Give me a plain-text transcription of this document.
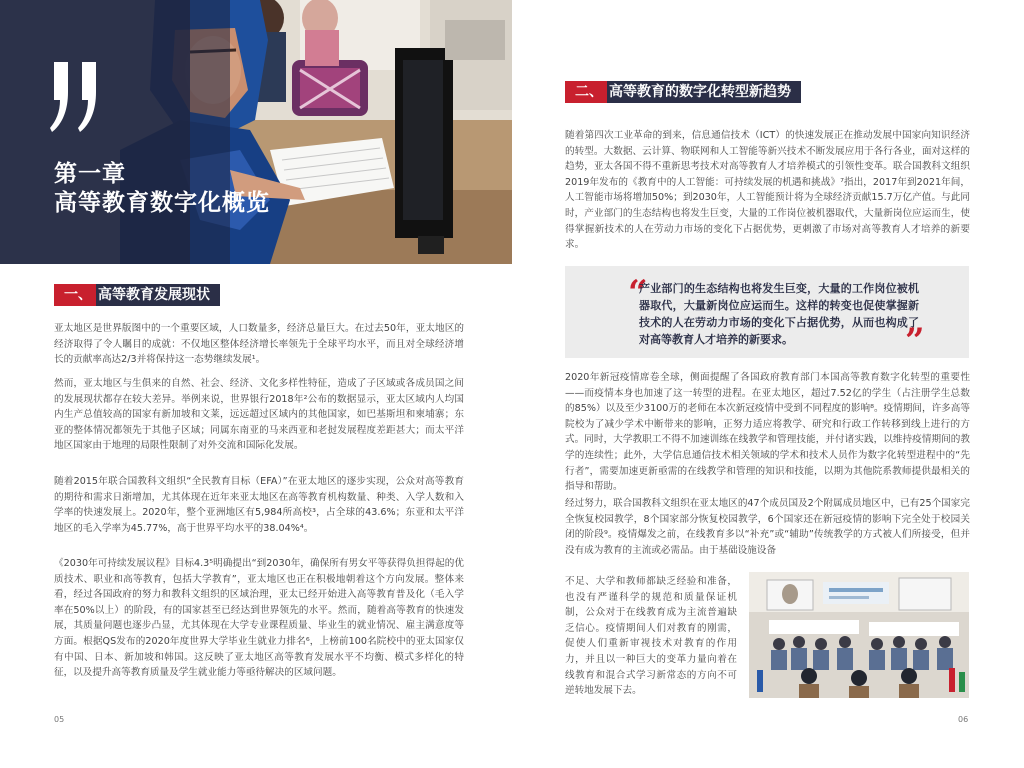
第一章
高等教育数字化概览
一、 高等教育发展现状

亚太地区是世界版图中的一个重要区域，人口数量多，经济总量巨大。在过去50年，亚太地区的经济取得了令人瞩目的成就：不仅地区整体经济增长率领先于全球平均水平，而且对全球经济增长的贡献率高达2/3并将保持这一态势继续发展¹。

然而，亚太地区与生俱来的自然、社会、经济、文化多样性特征，造成了子区域或各成员国之间的发展现状都存在较大差异。举例来说，世界银行2018年²公布的数据显示，亚太区域内人均国内生产总值较高的国家有新加坡和文莱，远远超过区域内的其他国家，如巴基斯坦和柬埔寨；东亚的整体情况都领先于其他子区域；同属东南亚的马来西亚和老挝发展程度差距甚大；而太平洋地区国家由于地理的局限性限制了对外交流和国际化发展。

随着2015年联合国教科文组织“全民教育目标（EFA）”在亚太地区的逐步实现，公众对高等教育的期待和需求日渐增加，尤其体现在近年来亚太地区在高等教育机构数量、种类、入学人数和入学率的快速发展上。2020年，整个亚洲地区有5,984所高校³，占全球的43.6%；东亚和太平洋地区的毛入学率为45.77%，高于世界平均水平的38.04%⁴。

《2030年可持续发展议程》目标4.3⁵明确提出“到2030年，确保所有男女平等获得负担得起的优质技术、职业和高等教育，包括大学教育”，亚太地区也正在积极地朝着这个方向发展。整体来看，经过各国政府的努力和教科文组织的区域治理，亚太已经开始进入高等教育普及化（毛入学率在50%以上）的阶段，有的国家甚至已经达到世界领先的水平。然而，随着高等教育的快速发展，其质量问题也逐步凸显，尤其体现在大学专业课程质量、毕业生的就业情况、雇主满意度等方面。根据QS发布的2020年度世界大学毕业生就业力排名⁶，上榜前100名院校中的亚太国家仅有中国、日本、新加坡和韩国。这反映了亚太地区高等教育发展水平不均衡、模式多样化的特征，以及提升高等教育质量及学生就业能力等亟待解决的区域问题。

05
二、 高等教育的数字化转型新趋势

随着第四次工业革命的到来，信息通信技术（ICT）的快速发展正在推动发展中国家向知识经济的转型。大数据、云计算、物联网和人工智能等新兴技术不断发展应用于各行各业，面对这样的趋势，亚太各国不得不重新思考技术对高等教育人才培养模式的引领性变革。联合国教科文组织2019年发布的《教育中的人工智能：可持续发展的机遇和挑战》⁷指出，2017年到2021年间，人工智能市场将增加50%；到2030年，人工智能预计将为全球经济贡献15.7万亿产值。与此同时，产业部门的生态结构也将发生巨变，大量的工作岗位被机器取代，大量新岗位应运而生，使得掌握新技术的人在劳动力市场的变化下占据优势，更刺激了市场对高等教育人才培养的新要求。

“

产业部门的生态结构也将发生巨变，大量的工作岗位被机器取代，大量新岗位应运而生。这样的转变也促使掌握新技术的人在劳动力市场的变化下占据优势，从而也构成了对高等教育人才培养的新要求。	”

2020年新冠疫情席卷全球，侧面提醒了各国政府教育部门本国高等教育数字化转型的重要性——而疫情本身也加速了这一转型的进程。在亚太地区，超过7.52亿的学生（占注册学生总数的85%）以及至少3100万的老师在本次新冠疫情中受到不同程度的影响⁸。疫情期间，许多高等院校为了减少学术中断带来的影响，正努力适应将教学、研究和行政工作转移到线上进行的方式。同时，大学教职工不得不加速训练在线教学和管理技能，并付诸实践，以维持疫情期间的教学的连续性；此外，大学信息通信技术相关领域的学术和技术人员作为数字化转型进程中的“先行者”，需要加速更新亟需的在线教学和管理的知识和技能，以期为其他院系教师提供最相关的指导和帮助。

经过努力，联合国教科文组织在亚太地区的47个成员国及2个附属成员地区中，已有25个国家完全恢复校园教学，8个国家部分恢复校园教学，6个国家还在新冠疫情的影响下完全处于校园关闭的阶段⁹。疫情爆发之前，在线教育多以“补充”或“辅助”传统教学的方式被人们所接受，但并没有成为教育的主流或必需品。由于基础设施设备

不足、大学和教师都缺乏经验和准备，也没有严谨科学的规范和质量保证机制，公众对于在线教育成为主流普遍缺乏信心。疫情期间人们对教育的刚需，促使人们重新审视技术对教育的作用力，并且以一种巨大的变革力量向着在线教育和混合式学习新常态的方向不可逆转地发展下去。

06
